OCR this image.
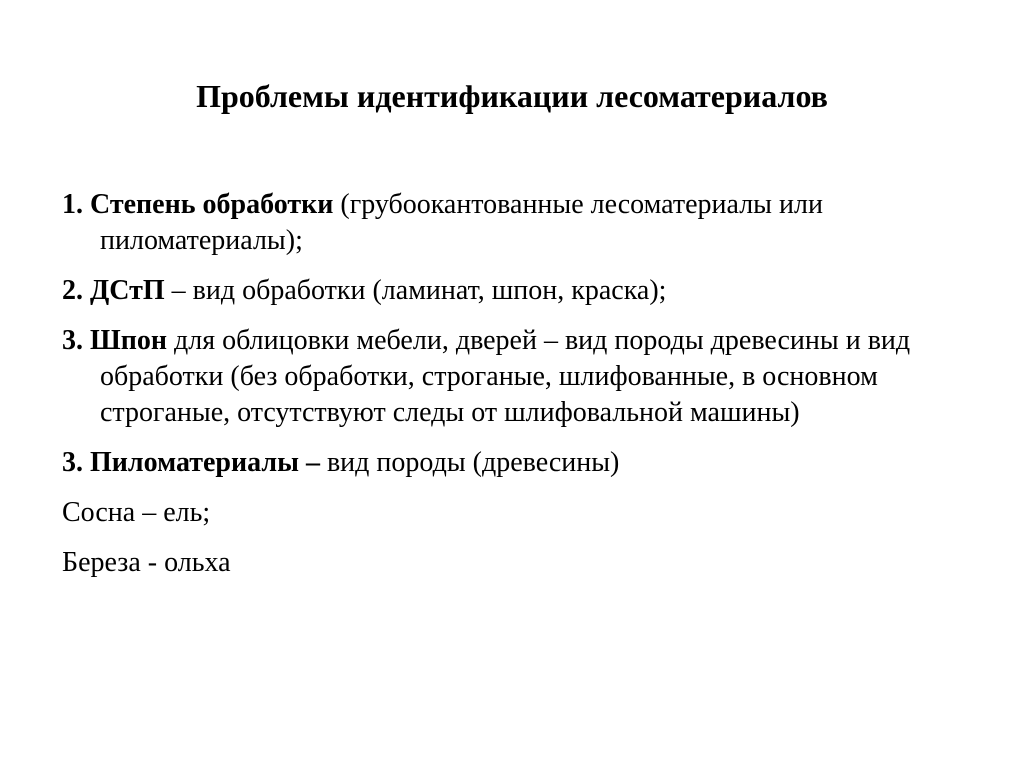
Проблемы идентификации лесоматериалов

1. Степень обработки (грубоокантованные лесоматериалы или пиломатериалы);

2. ДСтП – вид обработки (ламинат, шпон, краска);

3. Шпон для облицовки мебели, дверей – вид породы древесины и вид обработки (без обработки, строганые, шлифованные, в основном строганые, отсутствуют следы от шлифовальной машины)

3. Пиломатериалы – вид породы (древесины)

Сосна – ель;

Береза - ольха
